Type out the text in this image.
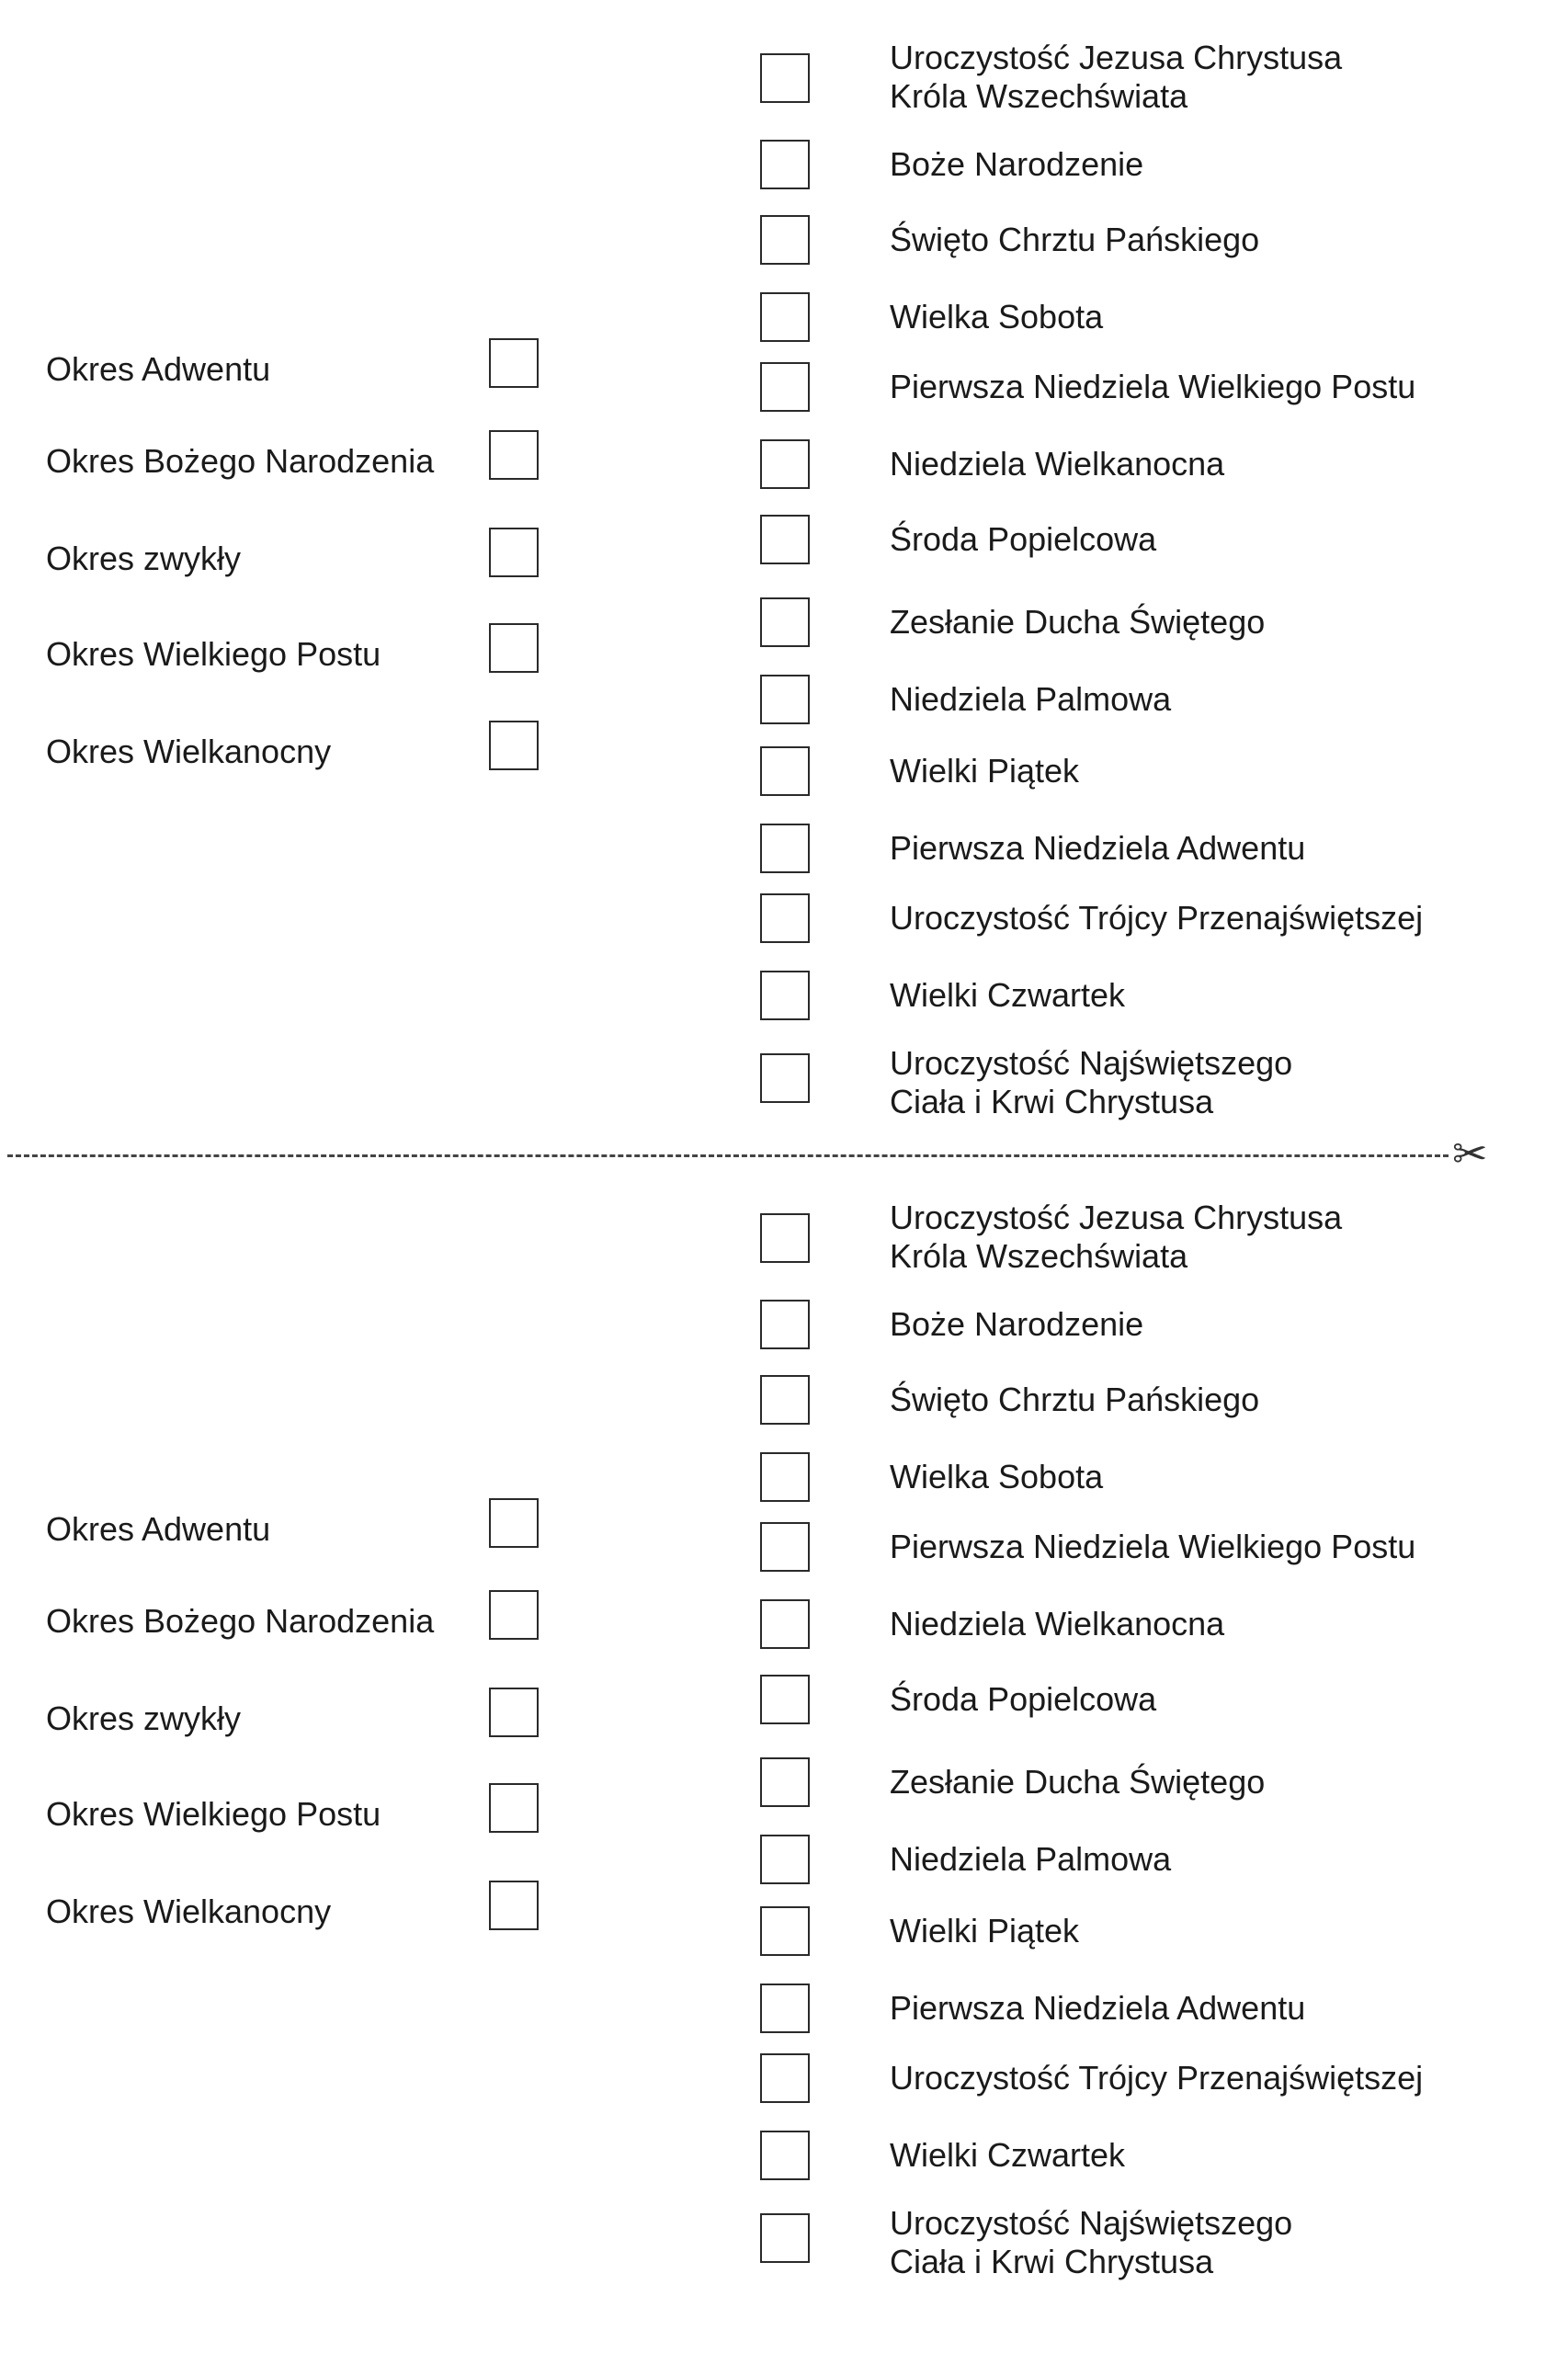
Okres Adwentu
Okres Bożego Narodzenia
Okres zwykły
Okres Wielkiego Postu
Okres Wielkanocny
Uroczystość Jezusa Chrystusa
Króla Wszechświata
Boże Narodzenie
Święto Chrztu Pańskiego
Wielka Sobota
Pierwsza Niedziela Wielkiego Postu
Niedziela Wielkanocna
Środa Popielcowa
Zesłanie Ducha Świętego
Niedziela Palmowa
Wielki Piątek
Pierwsza Niedziela Adwentu
Uroczystość Trójcy Przenajświętszej
Wielki Czwartek
Uroczystość Najświętszego
Ciała i Krwi Chrystusa
✂
Okres Adwentu
Okres Bożego Narodzenia
Okres zwykły
Okres Wielkiego Postu
Okres Wielkanocny
Uroczystość Jezusa Chrystusa
Króla Wszechświata
Boże Narodzenie
Święto Chrztu Pańskiego
Wielka Sobota
Pierwsza Niedziela Wielkiego Postu
Niedziela Wielkanocna
Środa Popielcowa
Zesłanie Ducha Świętego
Niedziela Palmowa
Wielki Piątek
Pierwsza Niedziela Adwentu
Uroczystość Trójcy Przenajświętszej
Wielki Czwartek
Uroczystość Najświętszego
Ciała i Krwi Chrystusa
